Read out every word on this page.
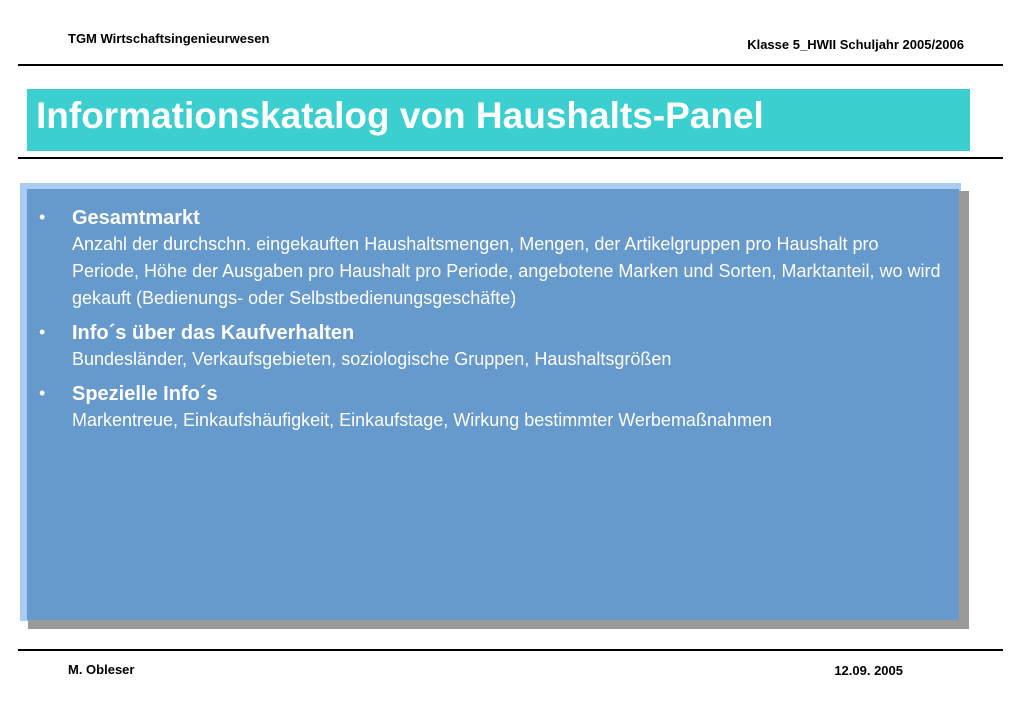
TGM Wirtschaftsingenieurwesen	Klasse 5_HWII Schuljahr 2005/2006
Informationskatalog von Haushalts-Panel
• Gesamtmarkt
Anzahl der durchschn. eingekauften Haushaltsmengen, Mengen, der Artikelgruppen pro Haushalt pro Periode, Höhe der Ausgaben pro Haushalt pro Periode, angebotene Marken und Sorten, Marktanteil, wo wird gekauft (Bedienungs- oder Selbstbedienungsgeschäfte)
• Info´s über das Kaufverhalten
Bundesländer, Verkaufsgebieten, soziologische Gruppen, Haushaltsgrößen
• Spezielle Info´s
Markentreue, Einkaufshäufigkeit, Einkaufstage, Wirkung bestimmter Werbemaßnahmen
M. Obleser	12.09. 2005
